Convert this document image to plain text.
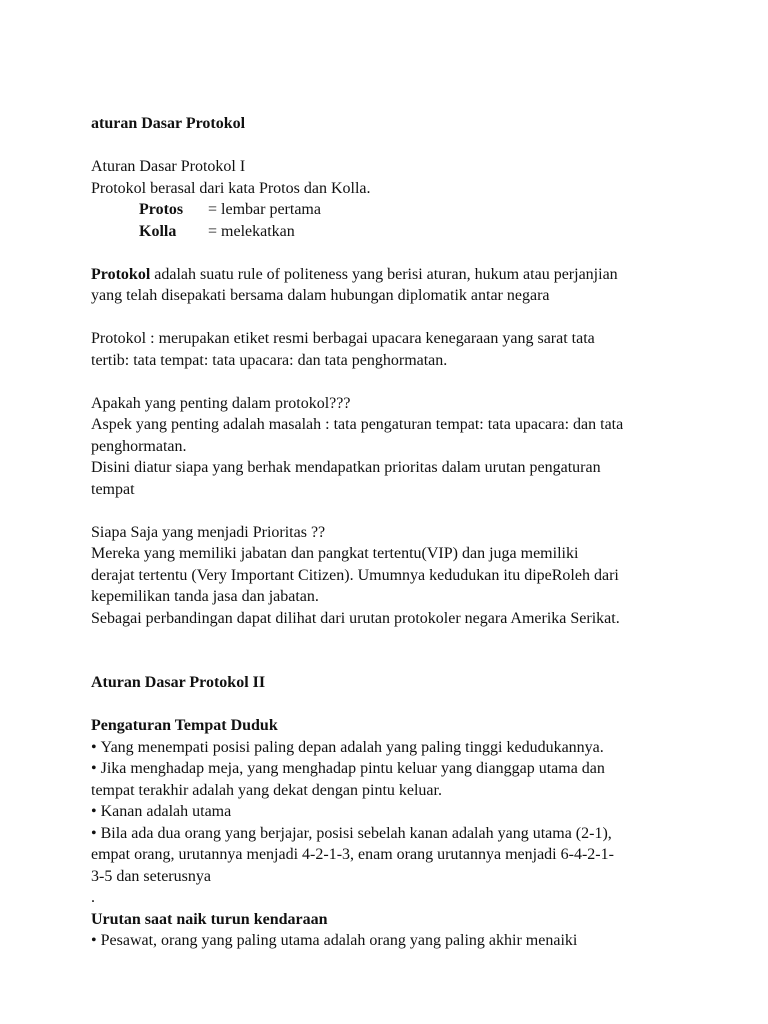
aturan Dasar Protokol
Aturan Dasar Protokol I
Protokol berasal dari kata Protos dan Kolla.
Protos	= lembar pertama
Kolla	= melekatkan
Protokol adalah suatu rule of politeness yang berisi aturan, hukum atau perjanjian
yang telah disepakati bersama dalam hubungan diplomatik antar negara
Protokol : merupakan etiket resmi berbagai upacara kenegaraan yang sarat tata
tertib: tata tempat: tata upacara: dan tata penghormatan.
Apakah yang penting dalam protokol???
Aspek yang penting adalah masalah : tata pengaturan tempat: tata upacara: dan tata
penghormatan.
Disini diatur siapa yang berhak mendapatkan prioritas dalam urutan pengaturan
tempat
Siapa Saja yang menjadi Prioritas ??
Mereka yang memiliki jabatan dan pangkat tertentu(VIP) dan juga memiliki
derajat tertentu (Very Important Citizen). Umumnya kedudukan itu dipeRoleh dari
kepemilikan tanda jasa dan jabatan.
Sebagai perbandingan dapat dilihat dari urutan protokoler negara Amerika Serikat.
Aturan Dasar Protokol II
Pengaturan Tempat Duduk
• Yang menempati posisi paling depan adalah yang paling tinggi kedudukannya.
• Jika menghadap meja, yang menghadap pintu keluar yang dianggap utama dan
tempat terakhir adalah yang dekat dengan pintu keluar.
• Kanan adalah utama
• Bila ada dua orang yang berjajar, posisi sebelah kanan adalah yang utama (2-1),
empat orang, urutannya menjadi 4-2-1-3, enam orang urutannya menjadi 6-4-2-1-
3-5 dan seterusnya
.
Urutan saat naik turun kendaraan
• Pesawat, orang yang paling utama adalah orang yang paling akhir menaiki
